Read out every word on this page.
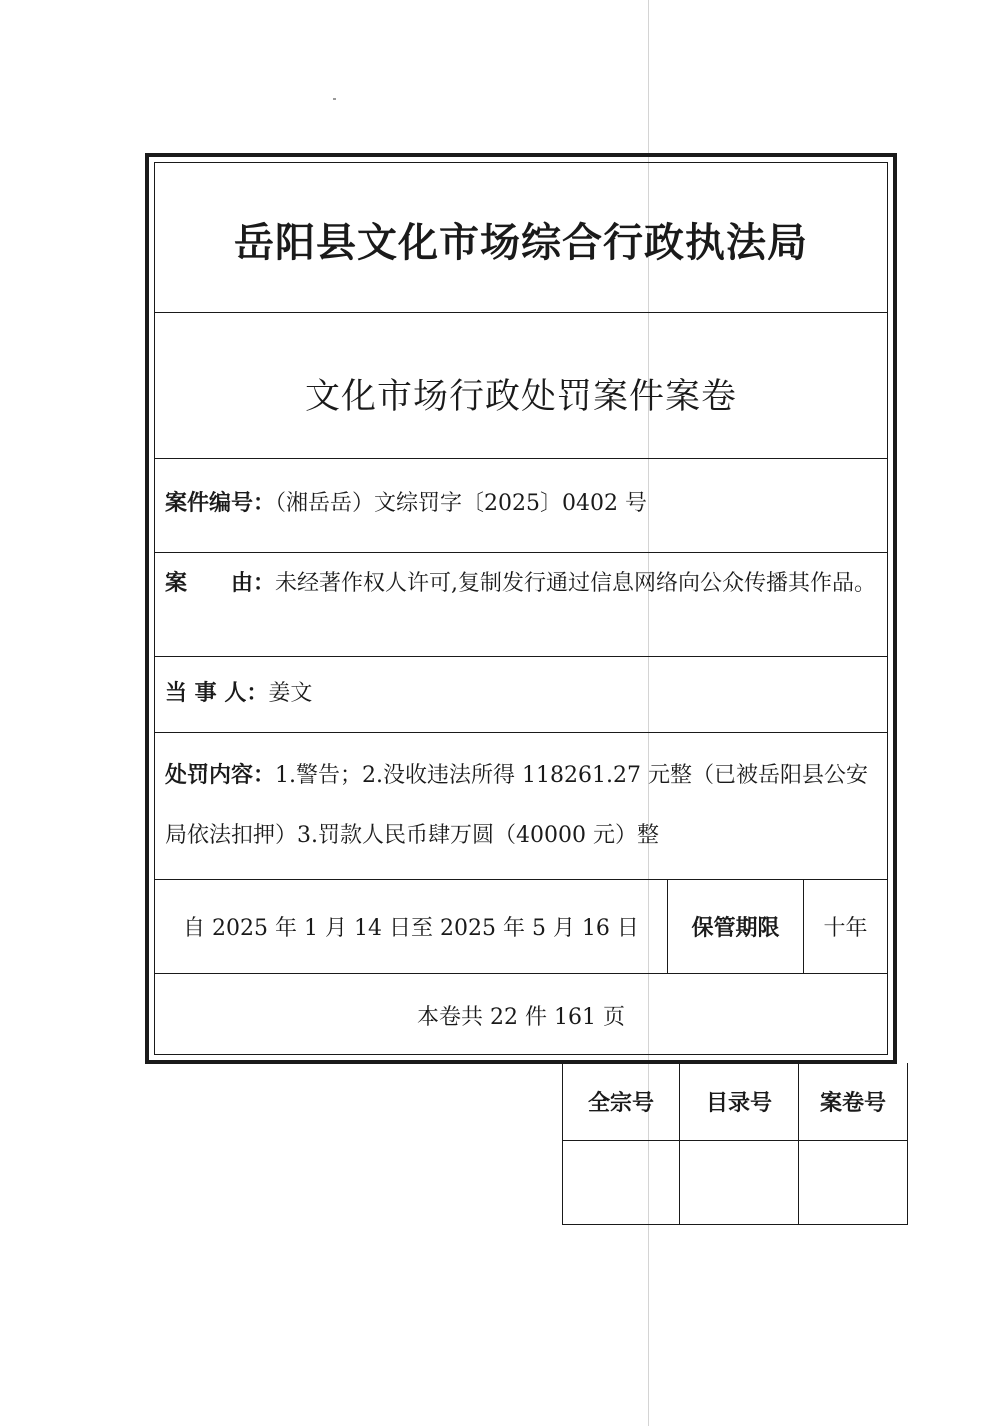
岳阳县文化市场综合行政执法局
文化市场行政处罚案件案卷
案件编号：（湘岳岳）文综罚字〔2025〕0402 号
案　　由：未经著作权人许可,复制发行通过信息网络向公众传播其作品。
当 事 人：姜文
处罚内容：1.警告；2.没收违法所得 118261.27 元整（已被岳阳县公安局依法扣押）3.罚款人民币肆万圆（40000 元）整
自 2025 年 1 月 14 日至 2025 年 5 月 16 日	保管期限	十年
本卷共 22 件 161 页
全宗号	目录号	案卷号
